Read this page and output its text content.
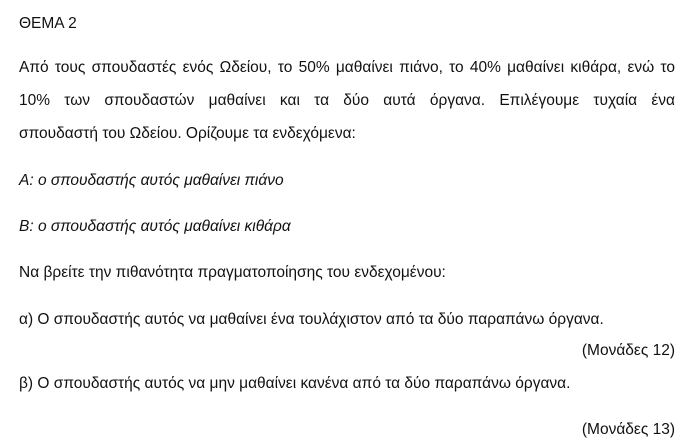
ΘΕΜΑ 2
Από τους σπουδαστές ενός Ωδείου, το 50% μαθαίνει πιάνο, το 40% μαθαίνει κιθάρα, ενώ το
10% των σπουδαστών μαθαίνει και τα δύο αυτά όργανα. Επιλέγουμε τυχαία ένα
σπουδαστή του Ωδείου. Ορίζουμε τα ενδεχόμενα:
Α: ο σπουδαστής αυτός μαθαίνει πιάνο
Β: ο σπουδαστής αυτός μαθαίνει κιθάρα
Να βρείτε την πιθανότητα πραγματοποίησης του ενδεχομένου:
α) Ο σπουδαστής αυτός να μαθαίνει ένα τουλάχιστον από τα δύο παραπάνω όργανα.
(Μονάδες 12)
β) Ο σπουδαστής αυτός να μην μαθαίνει κανένα από τα δύο παραπάνω όργανα.
(Μονάδες 13)
